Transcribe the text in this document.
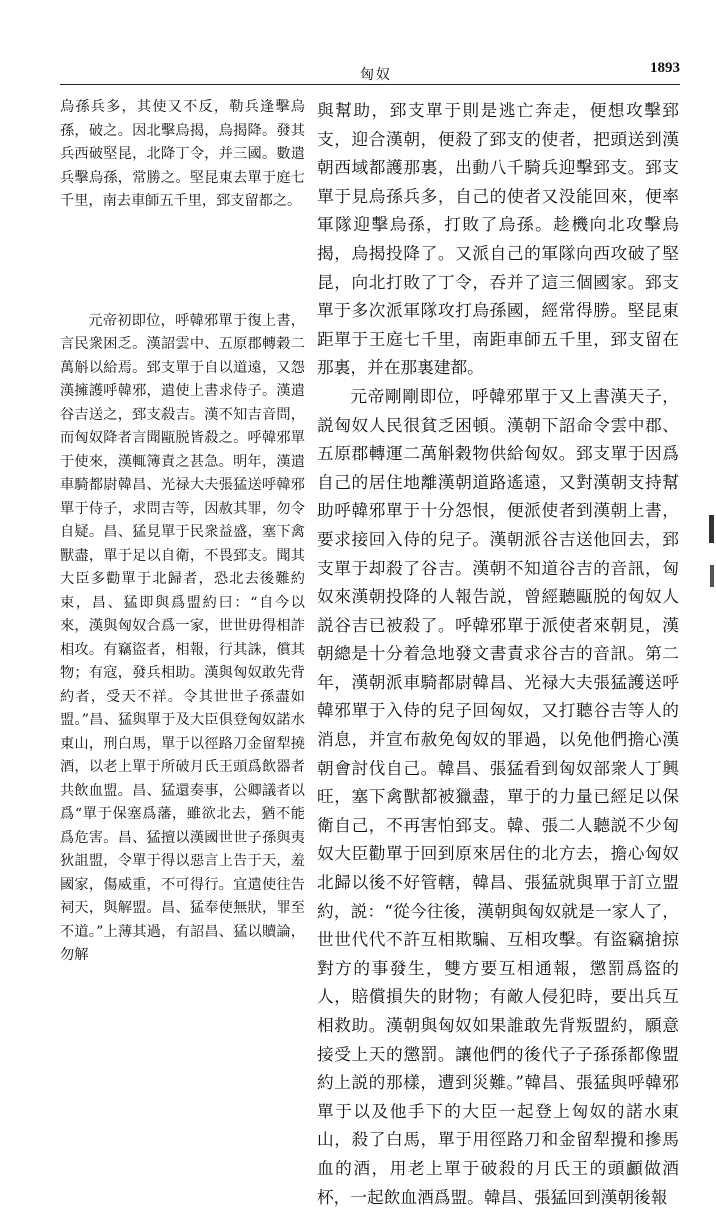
匈奴	1893

烏孫兵多，其使又不反，勒兵逢擊烏孫，破之。因北擊烏揭，烏揭降。發其兵西破堅昆，北降丁令，并三國。數遣兵擊烏孫，常勝之。堅昆東去單于庭七千里，南去車師五千里，郅支留都之。

元帝初即位，呼韓邪單于復上書，言民衆困乏。漢詔雲中、五原郡轉穀二萬斛以給焉。郅支單于自以道遠，又怨漢擁護呼韓邪，遣使上書求侍子。漢遣谷吉送之，郅支殺吉。漢不知吉音問，而匈奴降者言聞甌脱皆殺之。呼韓邪單于使來，漢輒簿責之甚急。明年，漢遣車騎都尉韓昌、光禄大夫張猛送呼韓邪單于侍子，求問吉等，因赦其罪，勿令自疑。昌、猛見單于民衆益盛，塞下禽獸盡，單于足以自衛，不畏郅支。聞其大臣多勸單于北歸者，恐北去後難約束，昌、猛即與爲盟約曰：“自今以來，漢與匈奴合爲一家，世世毋得相詐相攻。有竊盜者，相報，行其誅，償其物；有寇，發兵相助。漢與匈奴敢先背約者，受天不祥。令其世世子孫盡如盟。”昌、猛與單于及大臣俱登匈奴諾水東山，刑白馬，單于以徑路刀金留犁撓酒，以老上單于所破月氏王頭爲飲器者共飲血盟。昌、猛還奏事，公卿議者以爲“單于保塞爲藩，雖欲北去，猶不能爲危害。昌、猛擅以漢國世世子孫與夷狄詛盟，令單于得以惡言上告于天，羞國家，傷威重，不可得行。宜遣使往告祠天，與解盟。昌、猛奉使無狀，罪至不道。”上薄其過，有詔昌、猛以贖論，勿解

與幫助，郅支單于則是逃亡奔走，便想攻擊郅支，迎合漢朝，便殺了郅支的使者，把頭送到漢朝西域都護那裏，出動八千騎兵迎擊郅支。郅支單于見烏孫兵多，自己的使者又没能回來，便率軍隊迎擊烏孫，打敗了烏孫。趁機向北攻擊烏揭，烏揭投降了。又派自己的軍隊向西攻破了堅昆，向北打敗了丁令，吞并了這三個國家。郅支單于多次派軍隊攻打烏孫國，經常得勝。堅昆東距單于王庭七千里，南距車師五千里，郅支留在那裏，并在那裏建都。

元帝剛剛即位，呼韓邪單于又上書漢天子，説匈奴人民很貧乏困頓。漢朝下詔命令雲中郡、五原郡轉運二萬斛穀物供給匈奴。郅支單于因爲自己的居住地離漢朝道路遙遠，又對漢朝支持幫助呼韓邪單于十分怨恨，便派使者到漢朝上書，要求接回入侍的兒子。漢朝派谷吉送他回去，郅支單于却殺了谷吉。漢朝不知道谷吉的音訊，匈奴來漢朝投降的人報告説，曾經聽甌脱的匈奴人説谷吉已被殺了。呼韓邪單于派使者來朝見，漢朝總是十分着急地發文書責求谷吉的音訊。第二年，漢朝派車騎都尉韓昌、光禄大夫張猛護送呼韓邪單于入侍的兒子回匈奴，又打聽谷吉等人的消息，并宣布赦免匈奴的罪過，以免他們擔心漢朝會討伐自己。韓昌、張猛看到匈奴部衆人丁興旺，塞下禽獸都被獵盡，單于的力量已經足以保衛自己，不再害怕郅支。韓、張二人聽説不少匈奴大臣勸單于回到原來居住的北方去，擔心匈奴北歸以後不好管轄，韓昌、張猛就與單于訂立盟約，説：“從今往後，漢朝與匈奴就是一家人了，世世代代不許互相欺騙、互相攻擊。有盜竊搶掠對方的事發生，雙方要互相通報，懲罰爲盜的人，賠償損失的財物；有敵人侵犯時，要出兵互相救助。漢朝與匈奴如果誰敢先背叛盟約，願意接受上天的懲罰。讓他們的後代子子孫孫都像盟約上説的那樣，遭到災難。”韓昌、張猛與呼韓邪單于以及他手下的大臣一起登上匈奴的諾水東山，殺了白馬，單于用徑路刀和金留犁攪和摻馬血的酒，用老上單于破殺的月氏王的頭顱做酒杯，一起飲血酒爲盟。韓昌、張猛回到漢朝後報
